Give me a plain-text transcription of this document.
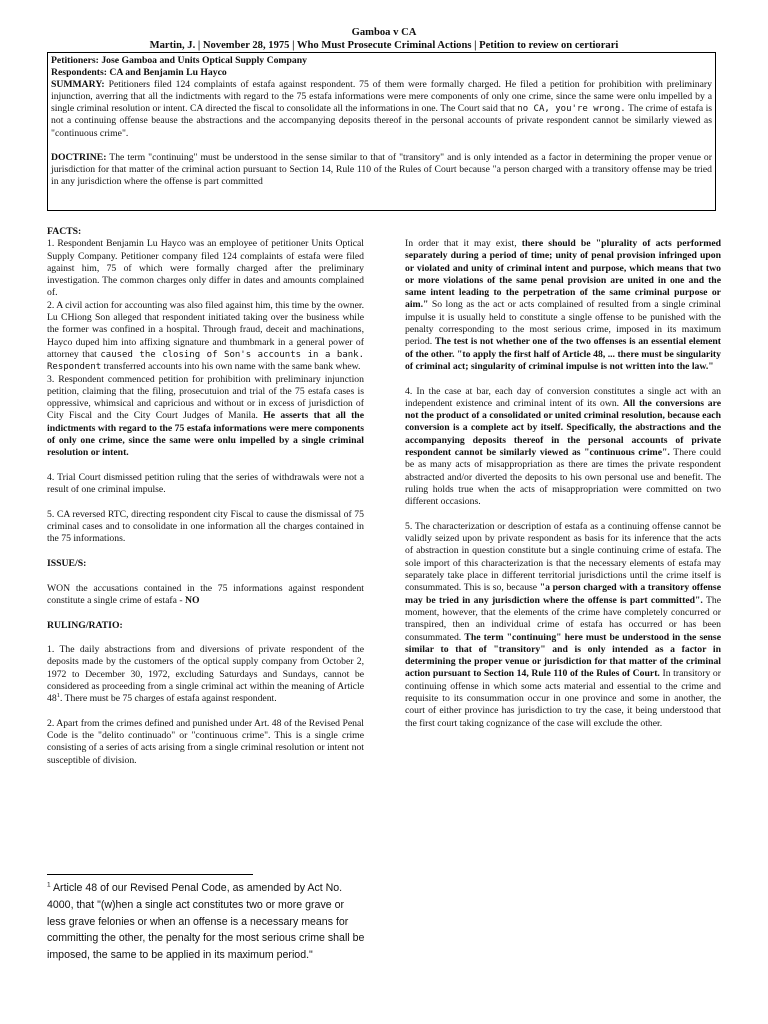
Gamboa v CA
Martin, J. | November 28, 1975 | Who Must Prosecute Criminal Actions | Petition to review on certiorari

Petitioners: Jose Gamboa and Units Optical Supply Company

Respondents: CA and Benjamin Lu Hayco

SUMMARY: Petitioners filed 124 complaints of estafa against respondent. 75 of them were formally charged. He filed a petition for prohibition with preliminary injunction, averring that all the indictments with regard to the 75 estafa informations were mere components of only one crime, since the same were onlu impelled by a single criminal resolution or intent. CA directed the fiscal to consolidate all the informations in one. The Court said that no CA, you're wrong. The crime of estafa is not a continuing offense beause the abstractions and the accompanying deposits thereof in the personal accounts of private respondent cannot be similarly viewed as "continuous crime".

DOCTRINE: The term "continuing" must be understood in the sense similar to that of "transitory" and is only intended as a factor in determining the proper venue or jurisdiction for that matter of the criminal action pursuant to Section 14, Rule 110 of the Rules of Court because "a person charged with a transitory offense may be tried in any jurisdiction where the offense is part committed

FACTS:

1. Respondent Benjamin Lu Hayco was an employee of petitioner Units Optical Supply Company. Petitioner company filed 124 complaints of estafa were filed against him, 75 of which were formally charged after the preliminary investigation. The common charges only differ in dates and amounts complained of.

2. A civil action for accounting was also filed against him, this time by the owner. Lu CHiong Son alleged that respondent initiated taking over the business while the former was confined in a hospital. Through fraud, deceit and machinations, Hayco duped him into affixing signature and thumbmark in a general power of attorney that caused the closing of Son's accounts in a bank. Respondent transferred accounts into his own name with the same bank whew.

3. Respondent commenced petition for prohibition with preliminary injunction petition, claiming that the filing, prosecutuion and trial of the 75 estafa cases is oppressive, whimsical and capricious and without or in excess of jurisdiction of City Fiscal and the City Court Judges of Manila. He asserts that all the indictments with regard to the 75 estafa informations were mere components of only one crime, since the same were onlu impelled by a single criminal resolution or intent.

4. Trial Court dismissed petition ruling that the series of withdrawals were not a result of one criminal impulse.

5. CA reversed RTC, directing respondent city Fiscal to cause the dismissal of 75 criminal cases and to consolidate in one information all the charges contained in the 75 informations.

ISSUE/S:

WON the accusations contained in the 75 informations against respondent constitute a single crime of estafa - NO

RULING/RATIO:

1. The daily abstractions from and diversions of private respondent of the deposits made by the customers of the optical supply company from October 2, 1972 to December 30, 1972, excluding Saturdays and Sundays, cannot be considered as proceeding from a single criminal act within the meaning of Article $48^1$. There must be 75 charges of estafa against respondent.

2. Apart from the crimes defined and punished under Art. 48 of the Revised Penal Code is the "delito continuado" or "continuous crime". This is a single crime consisting of a series of acts arising from a single criminal resolution or intent not susceptible of division.

In order that it may exist, there should be "plurality of acts performed separately during a period of time; unity of penal provision infringed upon or violated and unity of criminal intent and purpose, which means that two or more violations of the same penal provision are united in one and the same intent leading to the perpetration of the same criminal purpose or aim." So long as the act or acts complained of resulted from a single criminal impulse it is usually held to constitute a single offense to be punished with the penalty corresponding to the most serious crime, imposed in its maximum period. The test is not whether one of the two offenses is an essential element of the other. "to apply the first half of Article 48, ... there must be singularity of criminal act; singularity of criminal impulse is not written into the law."

4. In the case at bar, each day of conversion constitutes a single act with an independent existence and criminal intent of its own. All the conversions are not the product of a consolidated or united criminal resolution, because each conversion is a complete act by itself. Specifically, the abstractions and the accompanying deposits thereof in the personal accounts of private respondent cannot be similarly viewed as "continuous crime". There could be as many acts of misappropriation as there are times the private respondent abstracted and/or diverted the deposits to his own personal use and benefit. The ruling holds true when the acts of misappropriation were committed on two different occasions.

5. The characterization or description of estafa as a continuing offense cannot be validly seized upon by private respondent as basis for its inference that the acts of abstraction in question constitute but a single continuing crime of estafa. The sole import of this characterization is that the necessary elements of estafa may separately take place in different territorial jurisdictions until the crime itself is consummated. This is so, because "a person charged with a transitory offense may be tried in any jurisdiction where the offense is part committed". The moment, however, that the elements of the crime have completely concurred or transpired, then an individual crime of estafa has occurred or has been consummated. The term "continuing" here must be understood in the sense similar to that of "transitory" and is only intended as a factor in determining the proper venue or jurisdiction for that matter of the criminal action pursuant to Section 14, Rule 110 of the Rules of Court. In transitory or continuing offense in which some acts material and essential to the crime and requisite to its consummation occur in one province and some in another, the court of either province has jurisdiction to try the case, it being understood that the first court taking cognizance of the case will exclude the other.

$^1$ Article 48 of our Revised Penal Code, as amended by Act No. 4000, that "(w)hen a single act constitutes two or more grave or less grave felonies or when an offense is a necessary means for committing the other, the penalty for the most serious crime shall be imposed, the same to be applied in its maximum period."
